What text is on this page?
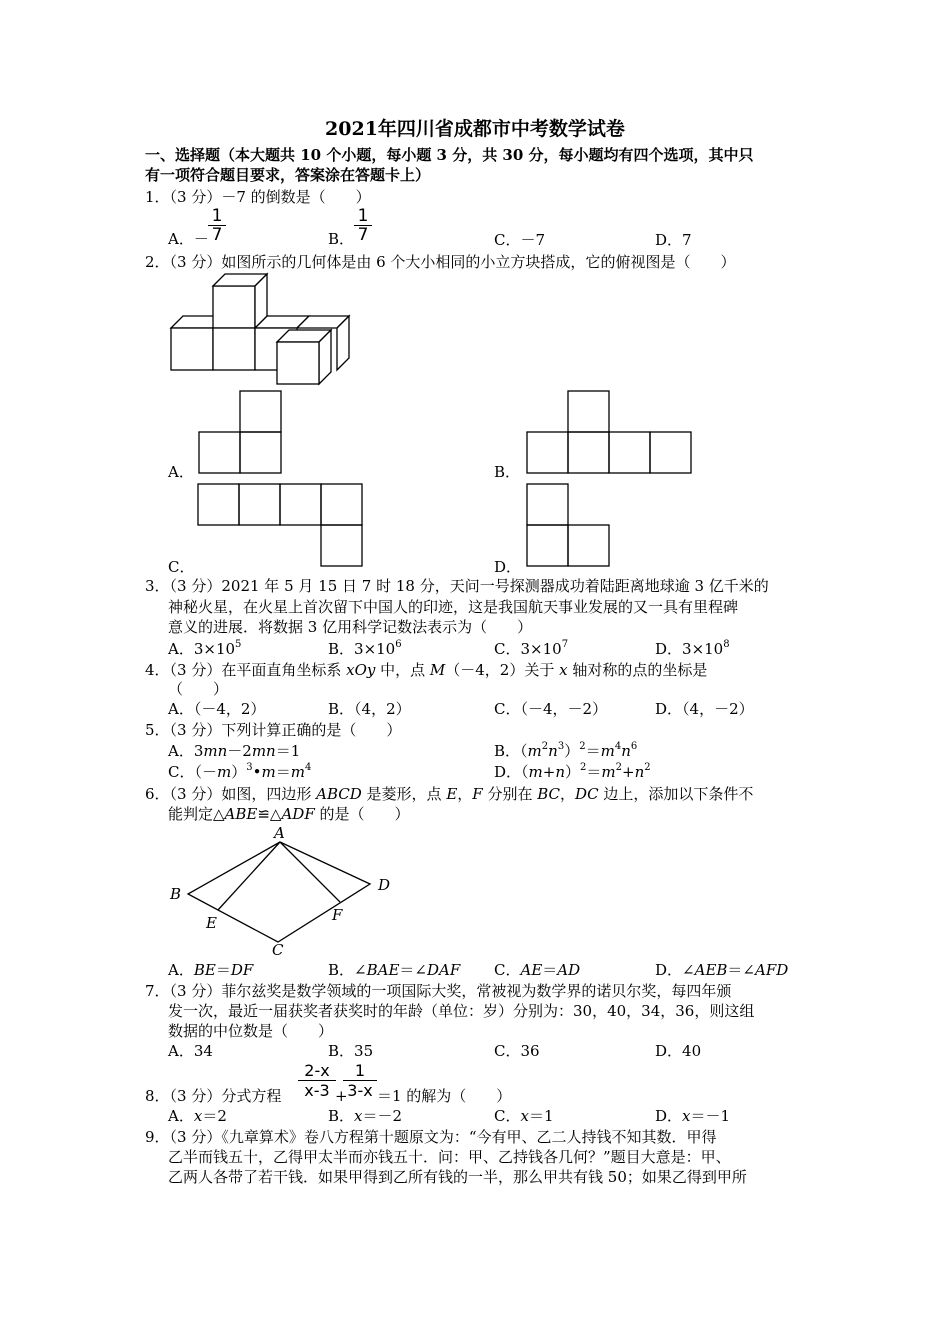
2021年四川省成都市中考数学试卷
一、选择题（本大题共 10 个小题，每小题 3 分，共 30 分，每小题均有四个选项，其中只
有一项符合题目要求，答案涂在答题卡上）
1．（3 分）－7 的倒数是（　　）
A．－
1
7	B．
1
7	C．－7	D．7
2．（3 分）如图所示的几何体是由 6 个大小相同的小立方块搭成，它的俯视图是（　　）
A．	B．
C．	D．
3．（3 分）2021 年 5 月 15 日 7 时 18 分，天问一号探测器成功着陆距离地球逾 3 亿千米的
神秘火星，在火星上首次留下中国人的印迹，这是我国航天事业发展的又一具有里程碑
意义的进展．将数据 3 亿用科学记数法表示为（　　）
A．$3\times 10^5$	B．$3\times 10^6$	C．$3\times 10^7$	D．$3\times 10^8$
4．（3 分）在平面直角坐标系 xOy 中，点 M（－4，2）关于 x 轴对称的点的坐标是
（　　）
A．（－4，2）	B．（4，2）	C．（－4，－2）	D．（4，－2）
5．（3 分）下列计算正确的是（　　）
A．3mn－2mn＝1	B．$(m^2n^3)^2=m^4n^6$
C．$(-m)^3•m=m^4$	D．$(m+n)^2=m^2+n^2$
6．（3 分）如图，四边形 ABCD 是菱形，点 E，F 分别在 BC，DC 边上，添加以下条件不
能判定△ABE≌△ADF 的是（　　）
A
B
C
D
E	F
A．BE＝DF	B．∠BAE＝∠DAF C．AE＝AD	D．∠AEB＝∠AFD
7．（3 分）菲尔兹奖是数学领域的一项国际大奖，常被视为数学界的诺贝尔奖，每四年颁
发一次，最近一届获奖者获奖时的年龄（单位：岁）分别为：30，40，34，36，则这组
数据的中位数是（　　）
A．34	B．35	C．36	D．40
8．（3 分）分式方程
2-x
x-3 +
1
3-x ＝1 的解为（　　）
A．x＝2	B．x＝－2	C．x＝1	D．x＝－1
9．（3 分）《九章算术》卷八方程第十题原文为：“今有甲、乙二人持钱不知其数．甲得
乙半而钱五十，乙得甲太半而亦钱五十．问：甲、乙持钱各几何？”题目大意是：甲、
乙两人各带了若干钱．如果甲得到乙所有钱的一半，那么甲共有钱 50；如果乙得到甲所
